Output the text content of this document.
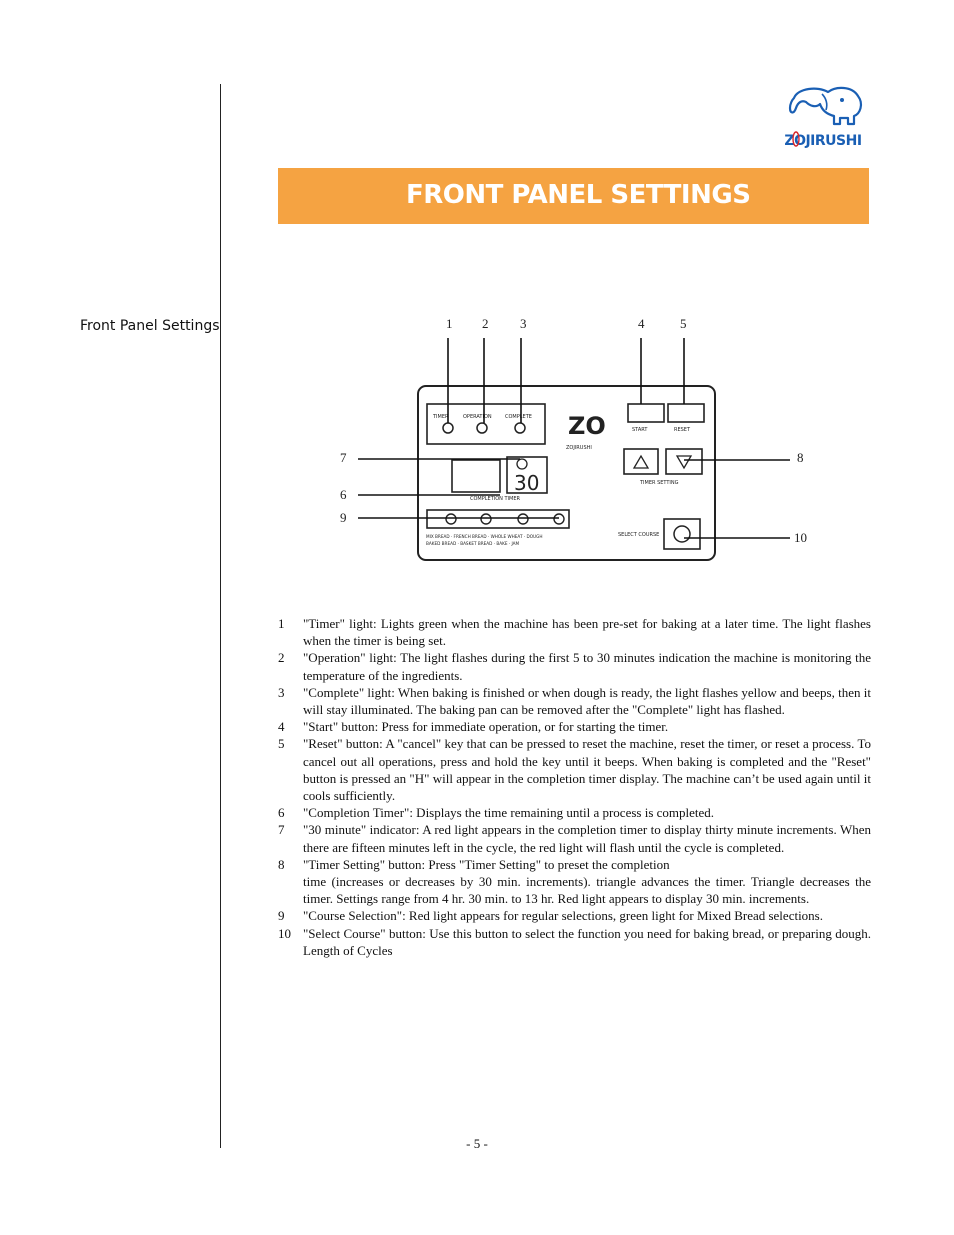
Front Panel Settings
ZOJIRUSHI
FRONT PANEL SETTINGS
1 2 3	4	5
6
7	8
9
10
TIMER	OPERATION	COMPLETE ZO
ZOJIRUSHI
START	RESET
30
COMPLETION TIMER
TIMER SETTING
MIX BREAD · FRENCH BREAD · WHOLE WHEAT · DOUGH
BAKED BREAD · BASKET BREAD · BAKE · JAM
SELECT COURSE
1	"Timer" light: Lights green when the machine has been pre-set for baking at a later time. The light flashes when the timer is being set.
2	"Operation" light: The light flashes during the first 5 to 30 minutes indication the machine is monitoring the temperature of the ingredients.
3	"Complete" light: When baking is finished or when dough is ready, the light flashes yellow and beeps, then it will stay illuminated. The baking pan can be removed after the "Complete" light has flashed.
4	"Start" button: Press for immediate operation, or for starting the timer.
5	"Reset" button: A "cancel" key that can be pressed to reset the machine, reset the timer, or reset a process. To cancel out all operations, press and hold the key until it beeps. When baking is completed and the "Reset" button is pressed an "H" will appear in the completion timer display. The machine can’t be used again until it cools sufficiently.
6	"Completion Timer": Displays the time remaining until a process is completed.
7	"30 minute" indicator: A red light appears in the completion timer to display thirty minute increments. When there are fifteen minutes left in the cycle, the red light will flash until the cycle is completed.
8	"Timer Setting" button: Press "Timer Setting" to preset the completion
time (increases or decreases by 30 min. increments). triangle advances the timer. Triangle decreases the timer. Settings range from 4 hr. 30 min. to 13 hr. Red light appears to display 30 min. increments.
9	"Course Selection": Red light appears for regular selections, green light for Mixed Bread selections.
10 "Select Course" button: Use this button to select the function you need for baking bread, or preparing dough. Length of Cycles
- 5 -
